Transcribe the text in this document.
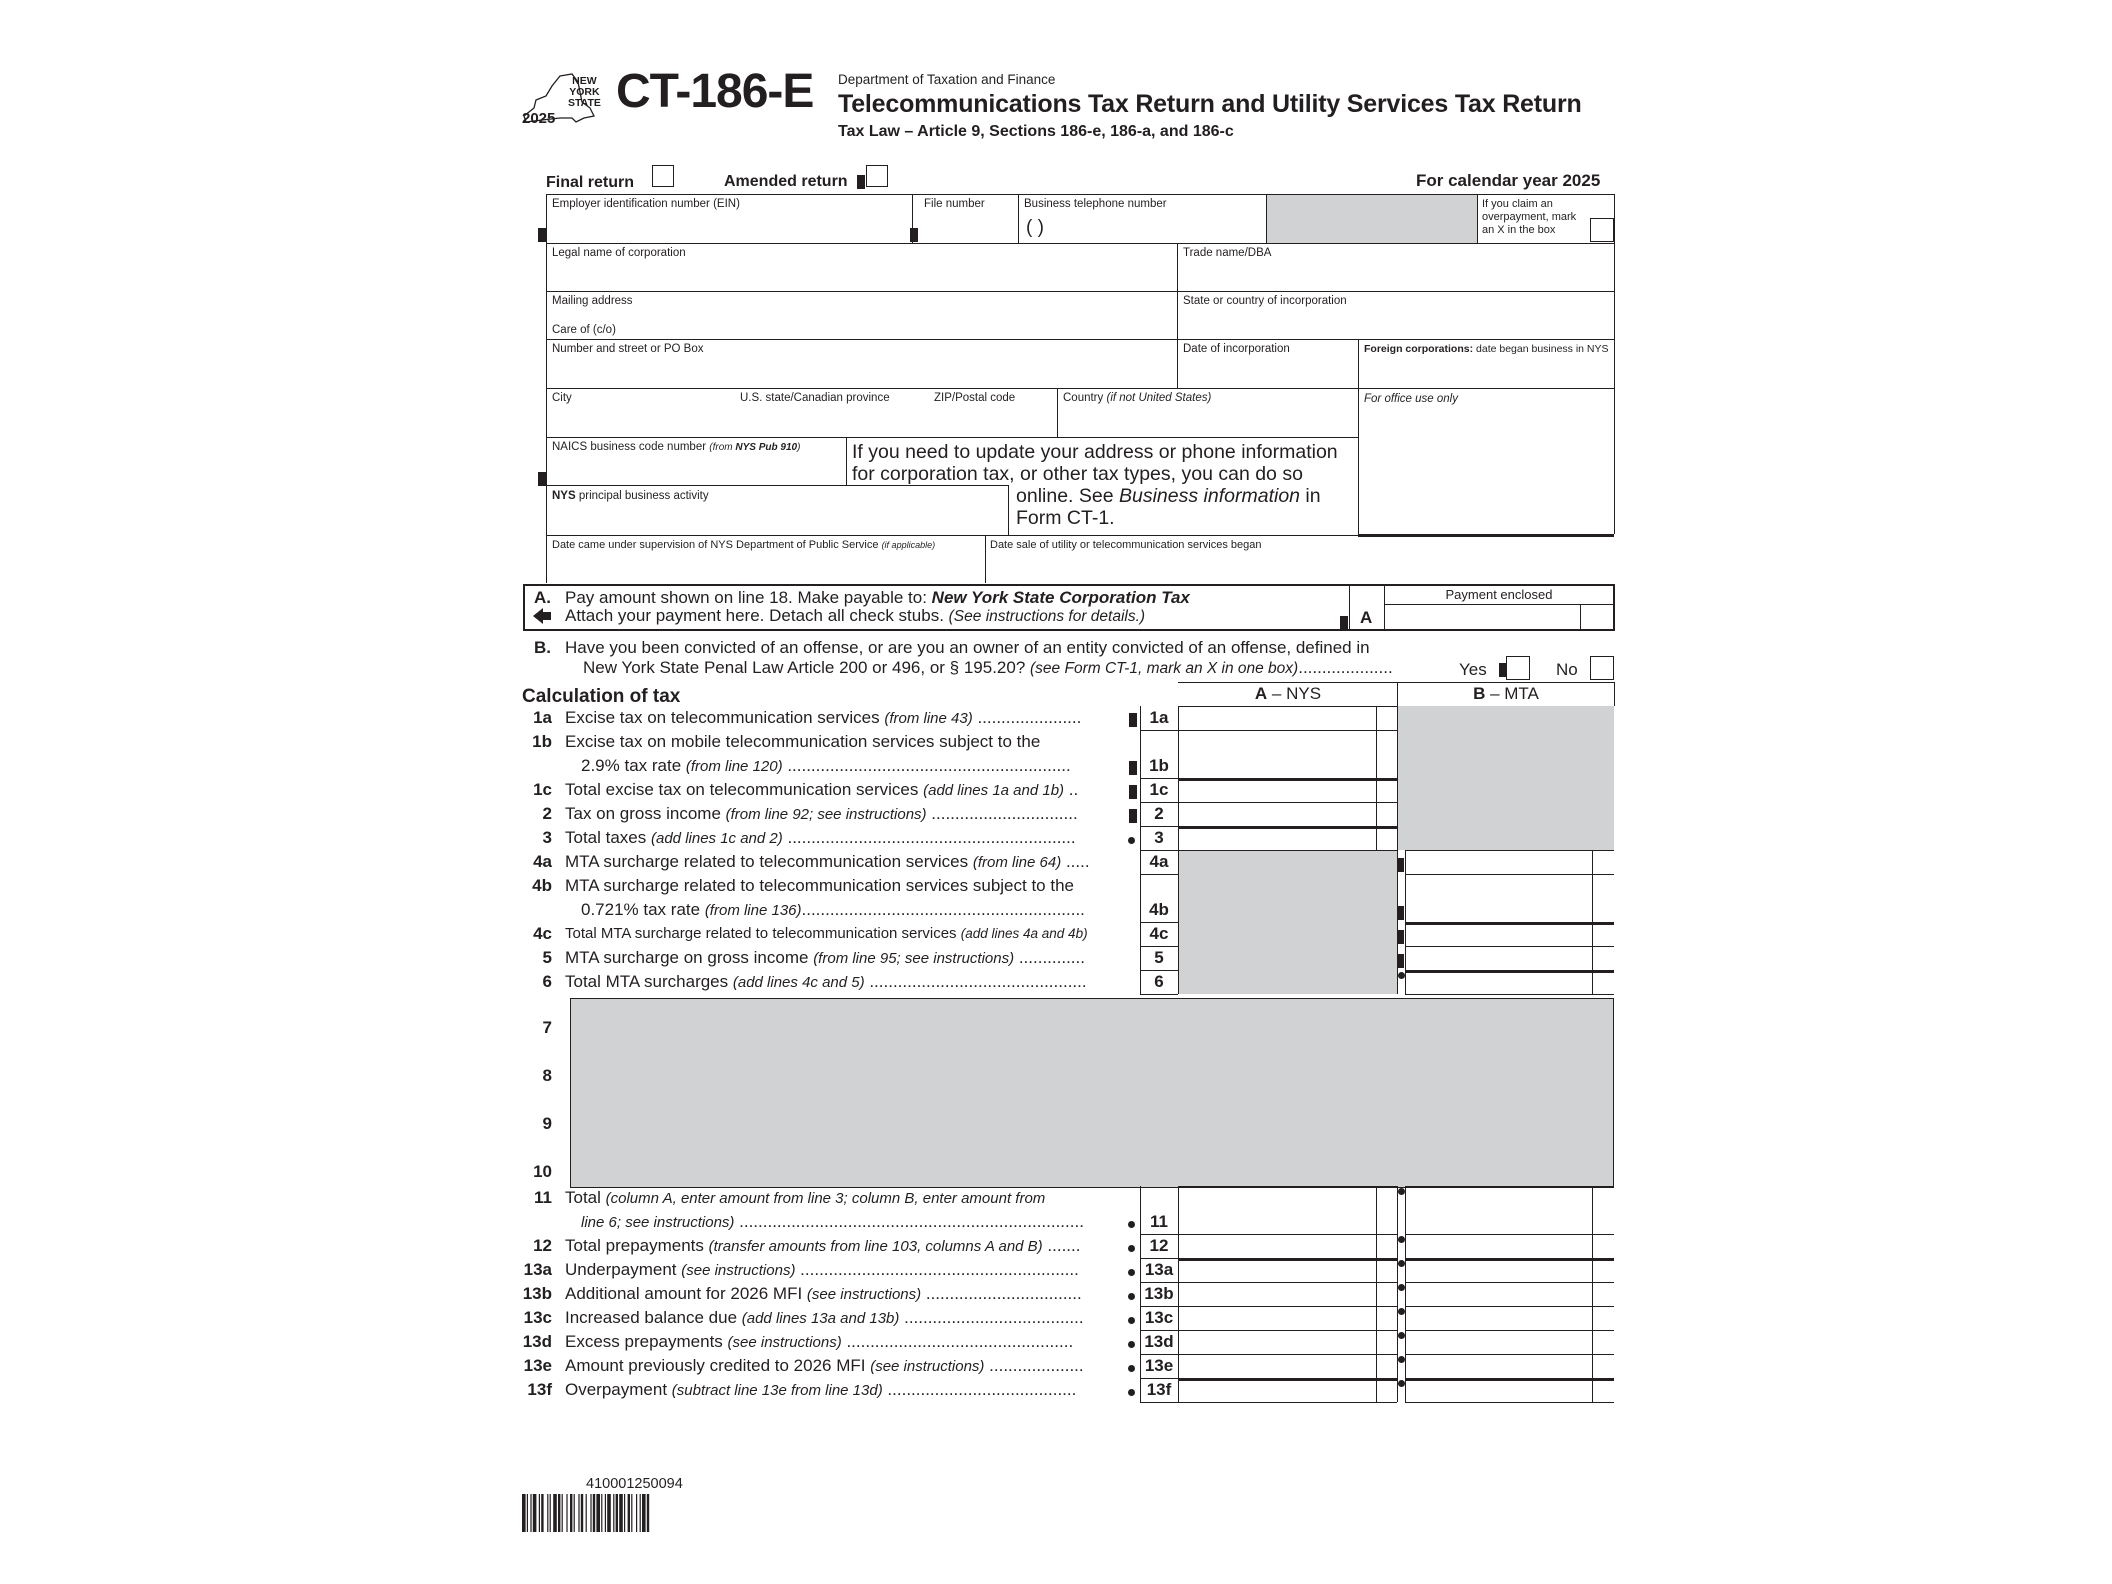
NEW
YORK
STATE
2025
CT-186-E Department of Taxation and Finance
Telecommunications Tax Return and Utility Services Tax Return
Tax Law – Article 9, Sections 186-e, 186-a, and 186-c
Final return	Amended return	For calendar year 2025
Employer identification number (EIN)	File number	Business telephone number
( )
If you claim an
overpayment, mark
an X in the box
Legal name of corporation	Trade name/DBA
Mailing address
Care of (c/o)
State or country of incorporation
Number and street or PO Box	Date of incorporation	Foreign corporations: date began business in NYS
City	U.S. state/Canadian province	ZIP/Postal code	Country (if not United States)	For office use only
NAICS business code number (from NYS Pub 910)	If you need to update your address or phone information
for corporation tax, or other tax types, you can do so
online. See Business information in
Form CT-1.
NYS principal business activity
Date came under supervision of NYS Department of Public Service (if applicable)	Date sale of utility or telecommunication services began
A. Pay amount shown on line 18. Make payable to: New York State Corporation Tax
Attach your payment here. Detach all check stubs. (See instructions for details.)	A
Payment enclosed
B. Have you been convicted of an offense, or are you an owner of an entity convicted of an offense, defined in
New York State Penal Law Article 200 or 496, or § 195.20? (see Form CT-1, mark an X in one box)....................	Yes	No
Calculation of tax	A – NYS	B – MTA
1a Excise tax on telecommunication services (from line 43) ......................	1a
1b Excise tax on mobile telecommunication services subject to the
2.9% tax rate (from line 120) ............................................................	1b
1c Total excise tax on telecommunication services (add lines 1a and 1b) ..	1c
2 Tax on gross income (from line 92; see instructions) ...............................	2
3 Total taxes (add lines 1c and 2) .............................................................	3
4a MTA surcharge related to telecommunication services (from line 64) .....	4a
4b MTA surcharge related to telecommunication services subject to the
0.721% tax rate (from line 136)............................................................	4b
4c Total MTA surcharge related to telecommunication services (add lines 4a and 4b)	4c
5 MTA surcharge on gross income (from line 95; see instructions) ..............	5
6 Total MTA surcharges (add lines 4c and 5) ..............................................	6
7
8
9
10
11 Total (column A, enter amount from line 3; column B, enter amount from
line 6; see instructions) .........................................................................	11
12 Total prepayments (transfer amounts from line 103, columns A and B) .......	12
13a Underpayment (see instructions) ...........................................................	13a
13b Additional amount for 2026 MFI (see instructions) .................................	13b
13c Increased balance due (add lines 13a and 13b) ......................................	13c
13d Excess prepayments (see instructions) ................................................	13d
13e Amount previously credited to 2026 MFI (see instructions) ....................	13e
13f Overpayment (subtract line 13e from line 13d) ........................................	13f
410001250094
